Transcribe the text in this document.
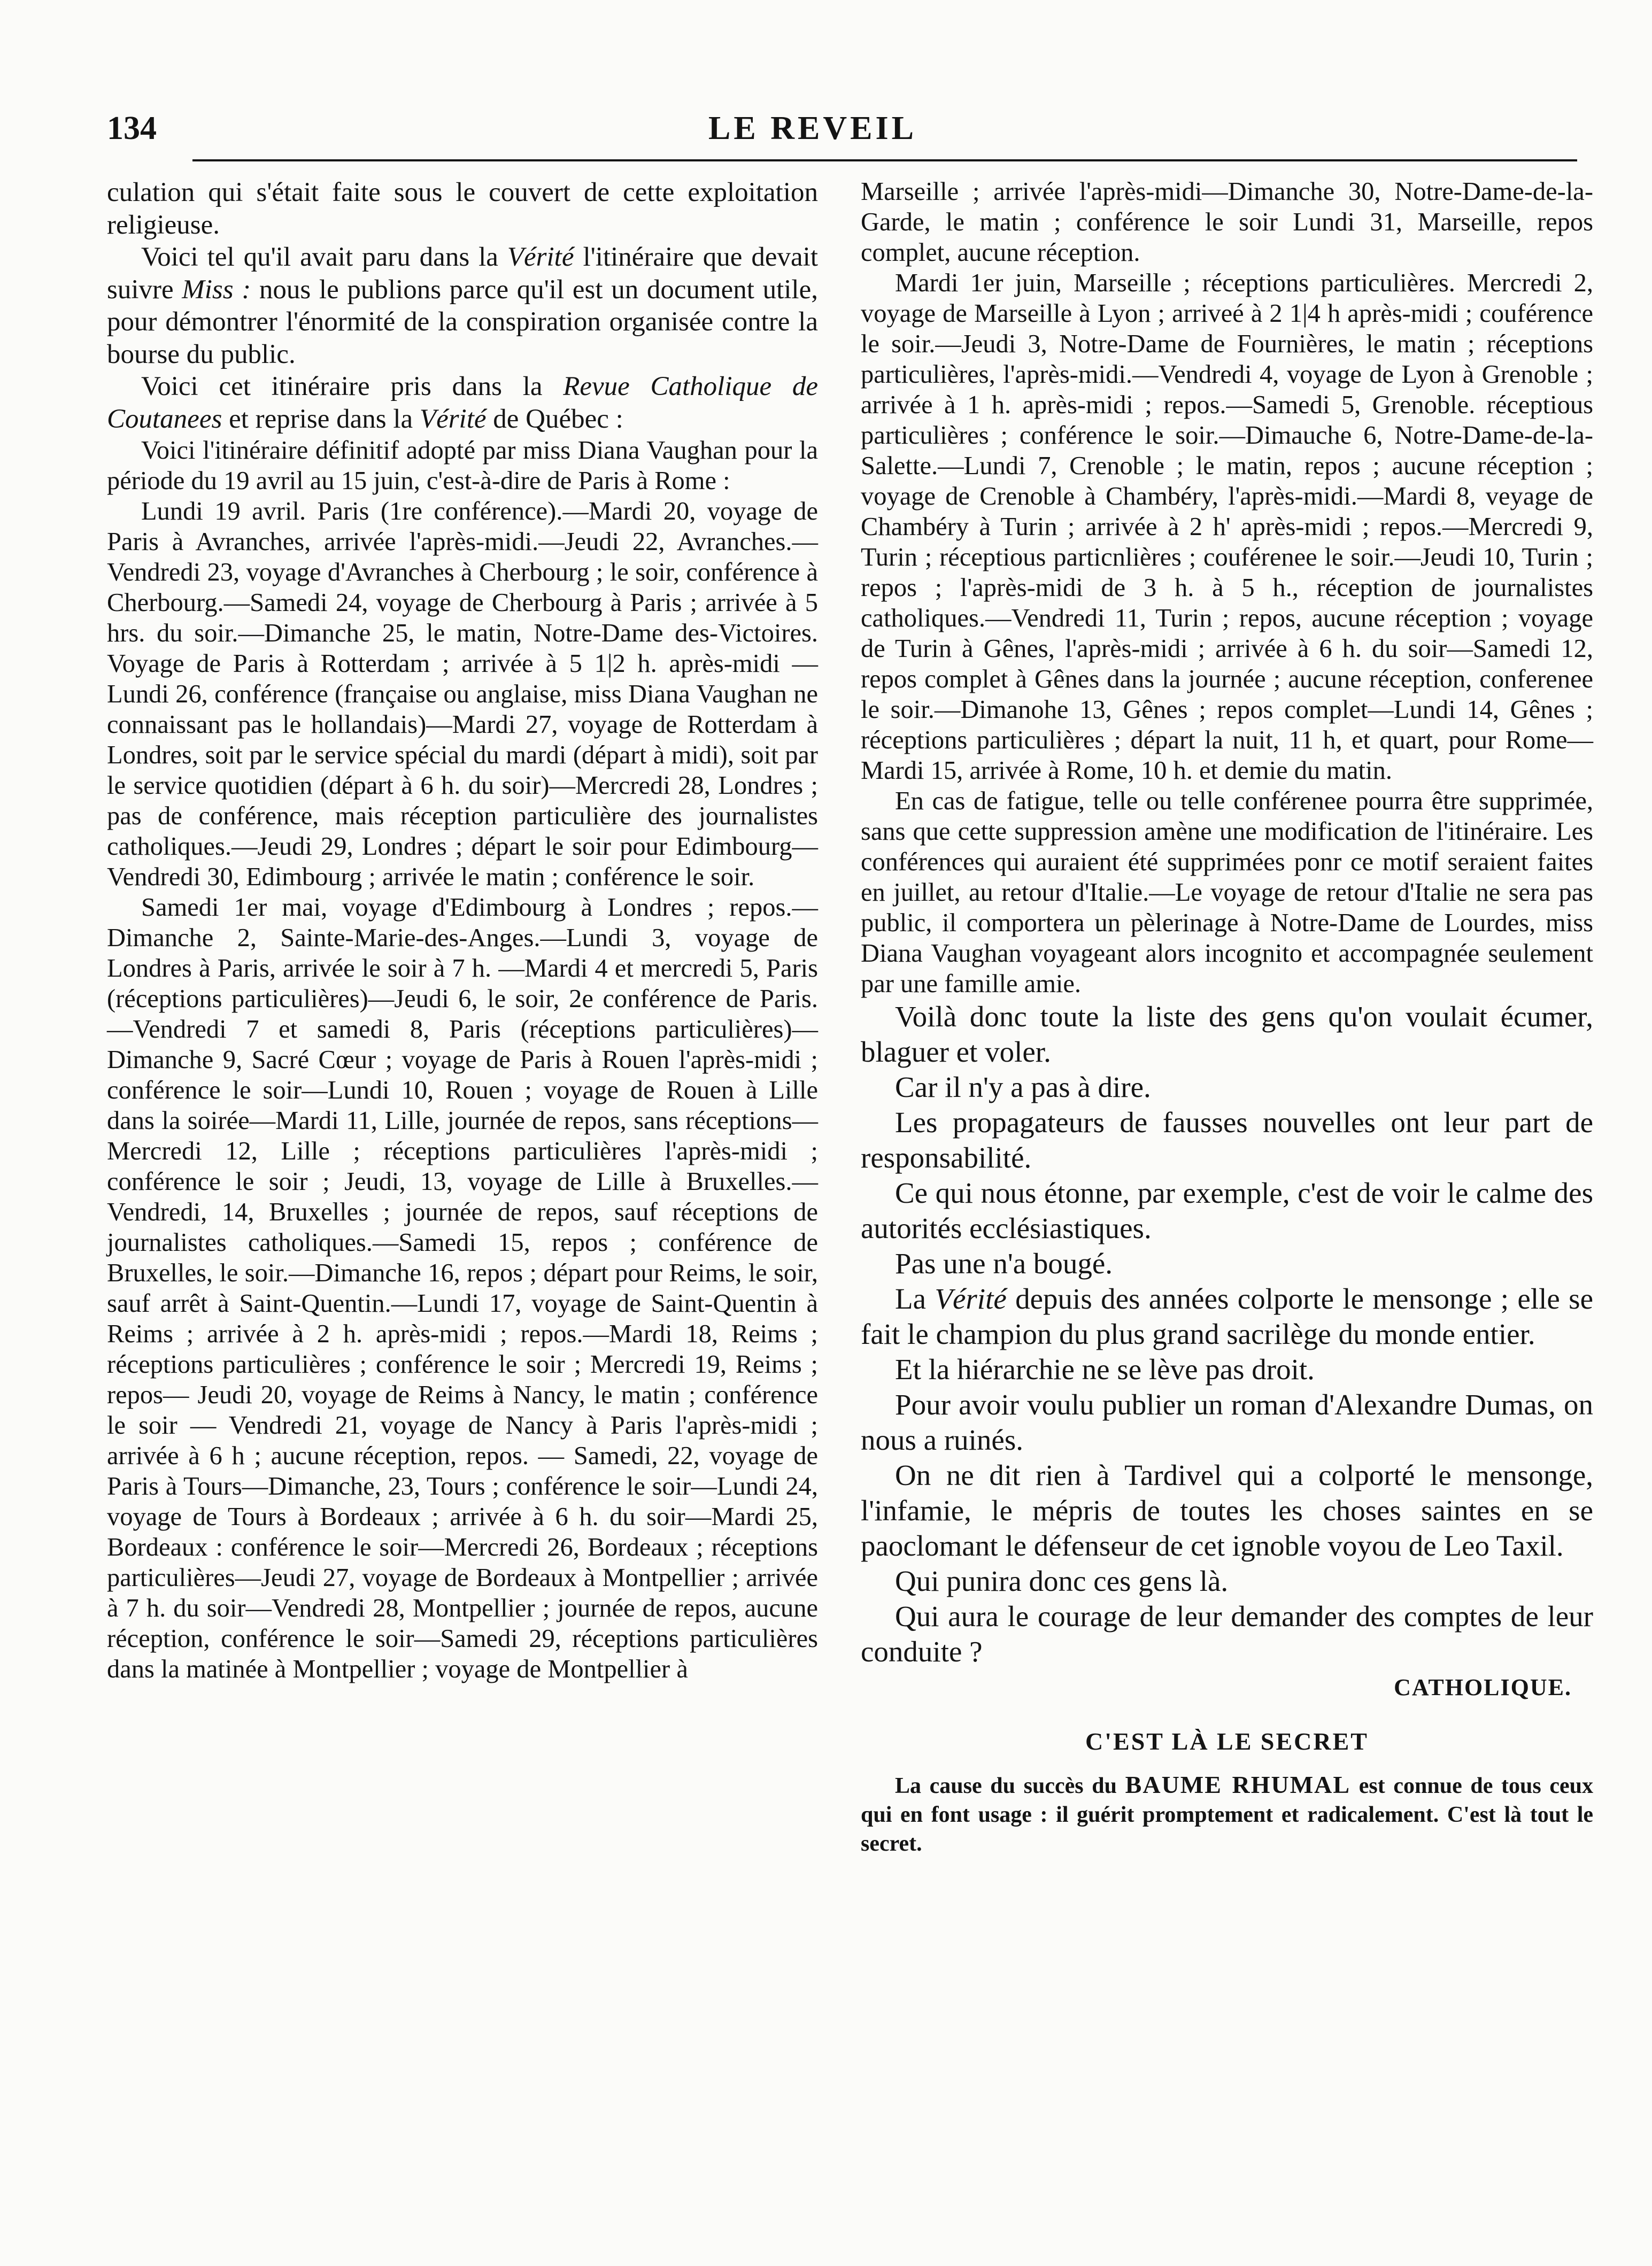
134	LE REVEIL

culation qui s'était faite sous le couvert de cette exploitation religieuse.

Voici tel qu'il avait paru dans la Vérité l'itinéraire que devait suivre Miss : nous le publions parce qu'il est un document utile, pour démontrer l'énormité de la conspiration organisée contre la bourse du public.

Voici cet itinéraire pris dans la Revue Catholique de Coutanees et reprise dans la Vérité de Québec :

Voici l'itinéraire définitif adopté par miss Diana Vaughan pour la période du 19 avril au 15 juin, c'est-à-dire de Paris à Rome :

Lundi 19 avril. Paris (1re conférence).—Mardi 20, voyage de Paris à Avranches, arrivée l'après-midi.—Jeudi 22, Avranches.—Vendredi 23, voyage d'Avranches à Cherbourg ; le soir, conférence à Cherbourg.—Samedi 24, voyage de Cherbourg à Paris ; arrivée à 5 hrs. du soir.—Dimanche 25, le matin, Notre-Dame des-Victoires. Voyage de Paris à Rotterdam ; arrivée à 5 1|2 h. après-midi — Lundi 26, conférence (française ou anglaise, miss Diana Vaughan ne connaissant pas le hollandais)—Mardi 27, voyage de Rotterdam à Londres, soit par le service spécial du mardi (départ à midi), soit par le service quotidien (départ à 6 h. du soir)—Mercredi 28, Londres ; pas de conférence, mais réception particulière des journalistes catholiques.—Jeudi 29, Londres ; départ le soir pour Edimbourg—Vendredi 30, Edimbourg ; arrivée le matin ; conférence le soir.

Samedi 1er mai, voyage d'Edimbourg à Londres ; repos.—Dimanche 2, Sainte-Marie-des-Anges.—Lundi 3, voyage de Londres à Paris, arrivée le soir à 7 h. —Mardi 4 et mercredi 5, Paris (réceptions particulières)—Jeudi 6, le soir, 2e conférence de Paris.—Vendredi 7 et samedi 8, Paris (réceptions particulières)—Dimanche 9, Sacré Cœur ; voyage de Paris à Rouen l'après-midi ; conférence le soir—Lundi 10, Rouen ; voyage de Rouen à Lille dans la soirée—Mardi 11, Lille, journée de repos, sans réceptions—Mercredi 12, Lille ; réceptions particulières l'après-midi ; conférence le soir ; Jeudi, 13, voyage de Lille à Bruxelles.—Vendredi, 14, Bruxelles ; journée de repos, sauf réceptions de journalistes catholiques.—Samedi 15, repos ; conférence de Bruxelles, le soir.—Dimanche 16, repos ; départ pour Reims, le soir, sauf arrêt à Saint-Quentin.—Lundi 17, voyage de Saint-Quentin à Reims ; arrivée à 2 h. après-midi ; repos.—Mardi 18, Reims ; réceptions particulières ; conférence le soir ; Mercredi 19, Reims ; repos— Jeudi 20, voyage de Reims à Nancy, le matin ; conférence le soir — Vendredi 21, voyage de Nancy à Paris l'après-midi ; arrivée à 6 h ; aucune réception, repos. — Samedi, 22, voyage de Paris à Tours—Dimanche, 23, Tours ; conférence le soir—Lundi 24, voyage de Tours à Bordeaux ; arrivée à 6 h. du soir—Mardi 25, Bordeaux : conférence le soir—Mercredi 26, Bordeaux ; réceptions particulières—Jeudi 27, voyage de Bordeaux à Montpellier ; arrivée à 7 h. du soir—Vendredi 28, Montpellier ; journée de repos, aucune réception, conférence le soir—Samedi 29, réceptions particulières dans la matinée à Montpellier ; voyage de Montpellier à

Marseille ; arrivée l'après-midi—Dimanche 30, Notre-Dame-de-la-Garde, le matin ; conférence le soir Lundi 31, Marseille, repos complet, aucune réception.

Mardi 1er juin, Marseille ; réceptions particulières. Mercredi 2, voyage de Marseille à Lyon ; arriveé à 2 1|4 h après-midi ; couférence le soir.—Jeudi 3, Notre-Dame de Fournières, le matin ; réceptions particulières, l'après-midi.—Vendredi 4, voyage de Lyon à Grenoble ; arrivée à 1 h. après-midi ; repos.—Samedi 5, Grenoble. réceptious particulières ; conférence le soir.—Dimauche 6, Notre-Dame-de-la-Salette.—Lundi 7, Crenoble ; le matin, repos ; aucune réception ; voyage de Crenoble à Chambéry, l'après-midi.—Mardi 8, veyage de Chambéry à Turin ; arrivée à 2 h' après-midi ; repos.—Mercredi 9, Turin ; réceptious particnlières ; couférenee le soir.—Jeudi 10, Turin ; repos ; l'après-midi de 3 h. à 5 h., réception de journalistes catholiques.—Vendredi 11, Turin ; repos, aucune réception ; voyage de Turin à Gênes, l'après-midi ; arrivée à 6 h. du soir—Samedi 12, repos complet à Gênes dans la journée ; aucune réception, conferenee le soir.—Dimanohe 13, Gênes ; repos complet—Lundi 14, Gênes ; réceptions particulières ; départ la nuit, 11 h, et quart, pour Rome—Mardi 15, arrivée à Rome, 10 h. et demie du matin.

En cas de fatigue, telle ou telle conférenee pourra être supprimée, sans que cette suppression amène une modification de l'itinéraire. Les conférences qui auraient été supprimées ponr ce motif seraient faites en juillet, au retour d'Italie.—Le voyage de retour d'Italie ne sera pas public, il comportera un pèlerinage à Notre-Dame de Lourdes, miss Diana Vaughan voyageant alors incognito et accompagnée seulement par une famille amie.

Voilà donc toute la liste des gens qu'on voulait écumer, blaguer et voler.

Car il n'y a pas à dire.

Les propagateurs de fausses nouvelles ont leur part de responsabilité.

Ce qui nous étonne, par exemple, c'est de voir le calme des autorités ecclésiastiques.

Pas une n'a bougé.

La Vérité depuis des années colporte le mensonge ; elle se fait le champion du plus grand sacrilège du monde entier.

Et la hiérarchie ne se lève pas droit.

Pour avoir voulu publier un roman d'Alexandre Dumas, on nous a ruinés.

On ne dit rien à Tardivel qui a colporté le mensonge, l'infamie, le mépris de toutes les choses saintes en se paoclomant le défenseur de cet ignoble voyou de Leo Taxil.

Qui punira donc ces gens là.

Qui aura le courage de leur demander des comptes de leur conduite ?

CATHOLIQUE.

C'EST LÀ LE SECRET

La cause du succès du BAUME RHUMAL est connue de tous ceux qui en font usage : il guérit promptement et radicalement. C'est là tout le secret.
